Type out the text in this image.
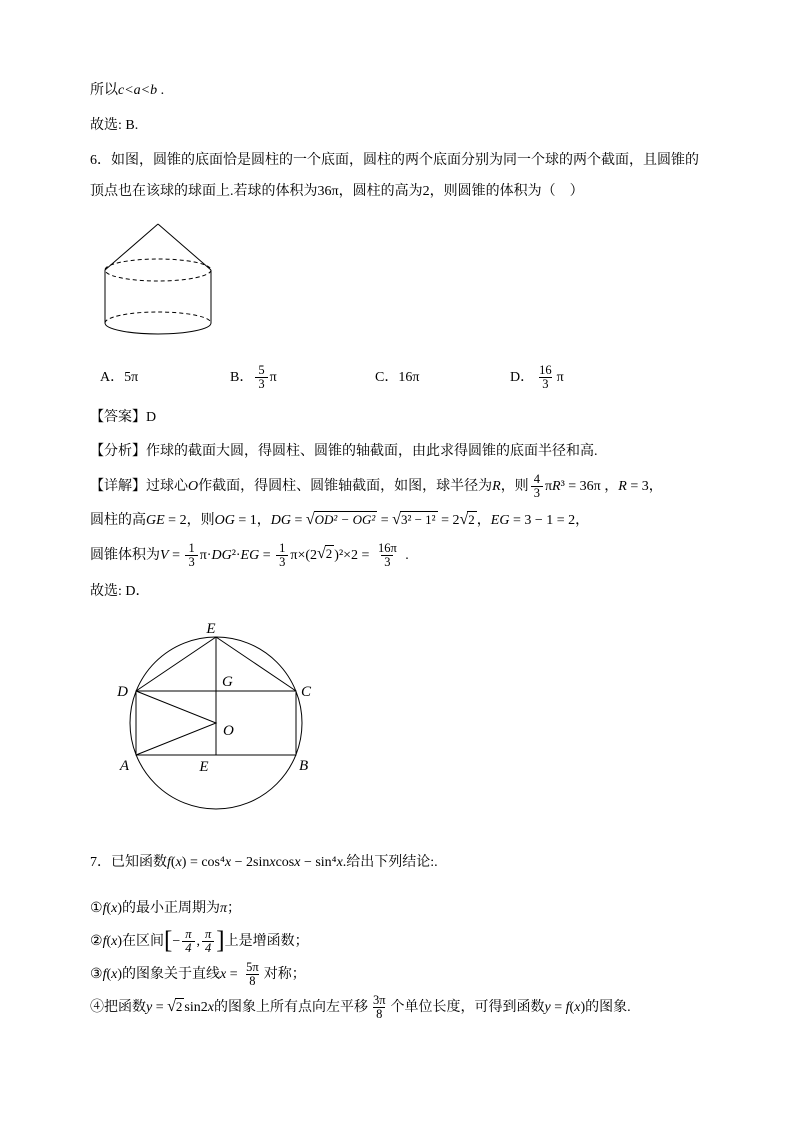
所以c<a<b .
故选: B.
6．如图，圆锥的底面恰是圆柱的一个底面，圆柱的两个底面分别为同一个球的两个截面，且圆锥的
顶点也在该球的球面上.若球的体积为36π，圆柱的高为2，则圆锥的体积为（　）
A． 5π	B． $\frac{5}{3}$ π	C． 16π	D． $\frac{16}{3}$ π
【答案】D
【分析】作球的截面大圆，得圆柱、圆锥的轴截面，由此求得圆锥的底面半径和高.
【详解】过球心O作截面，得圆柱、圆锥轴截面，如图，球半径为R，则 $\frac{4}{3} \pi R^3 = 36\pi$ ，R = 3，
圆柱的高GE = 2，则OG = 1，DG = √OD² − OG² = √3² − 1² = 2√2 ，EG = 3 − 1 = 2，
圆锥体积为$V = \frac{1}{3} \pi\cdot DG^2\cdot EG = \frac{1}{3} \pi\times(2√2$ )$^2\times 2 = \frac{16\pi}{3}$ .
故选: D．
E
D
G
C
O
A	E	B
7．已知函数f(x) = cos⁴x − 2sinxcosx − sin⁴x.给出下列结论:.
①f(x)的最小正周期为π；
②f(x)在区间[− $\frac{\pi}{4}$ , $\frac{\pi}{4}$ ]上是增函数；
③f(x)的图象关于直线$x = \frac{5\pi}{8}$ 对称；
④把函数y = √2 sin2x的图象上所有点向左平移 $\frac{3\pi}{8}$ 个单位长度，可得到函数y = f(x)的图象.
